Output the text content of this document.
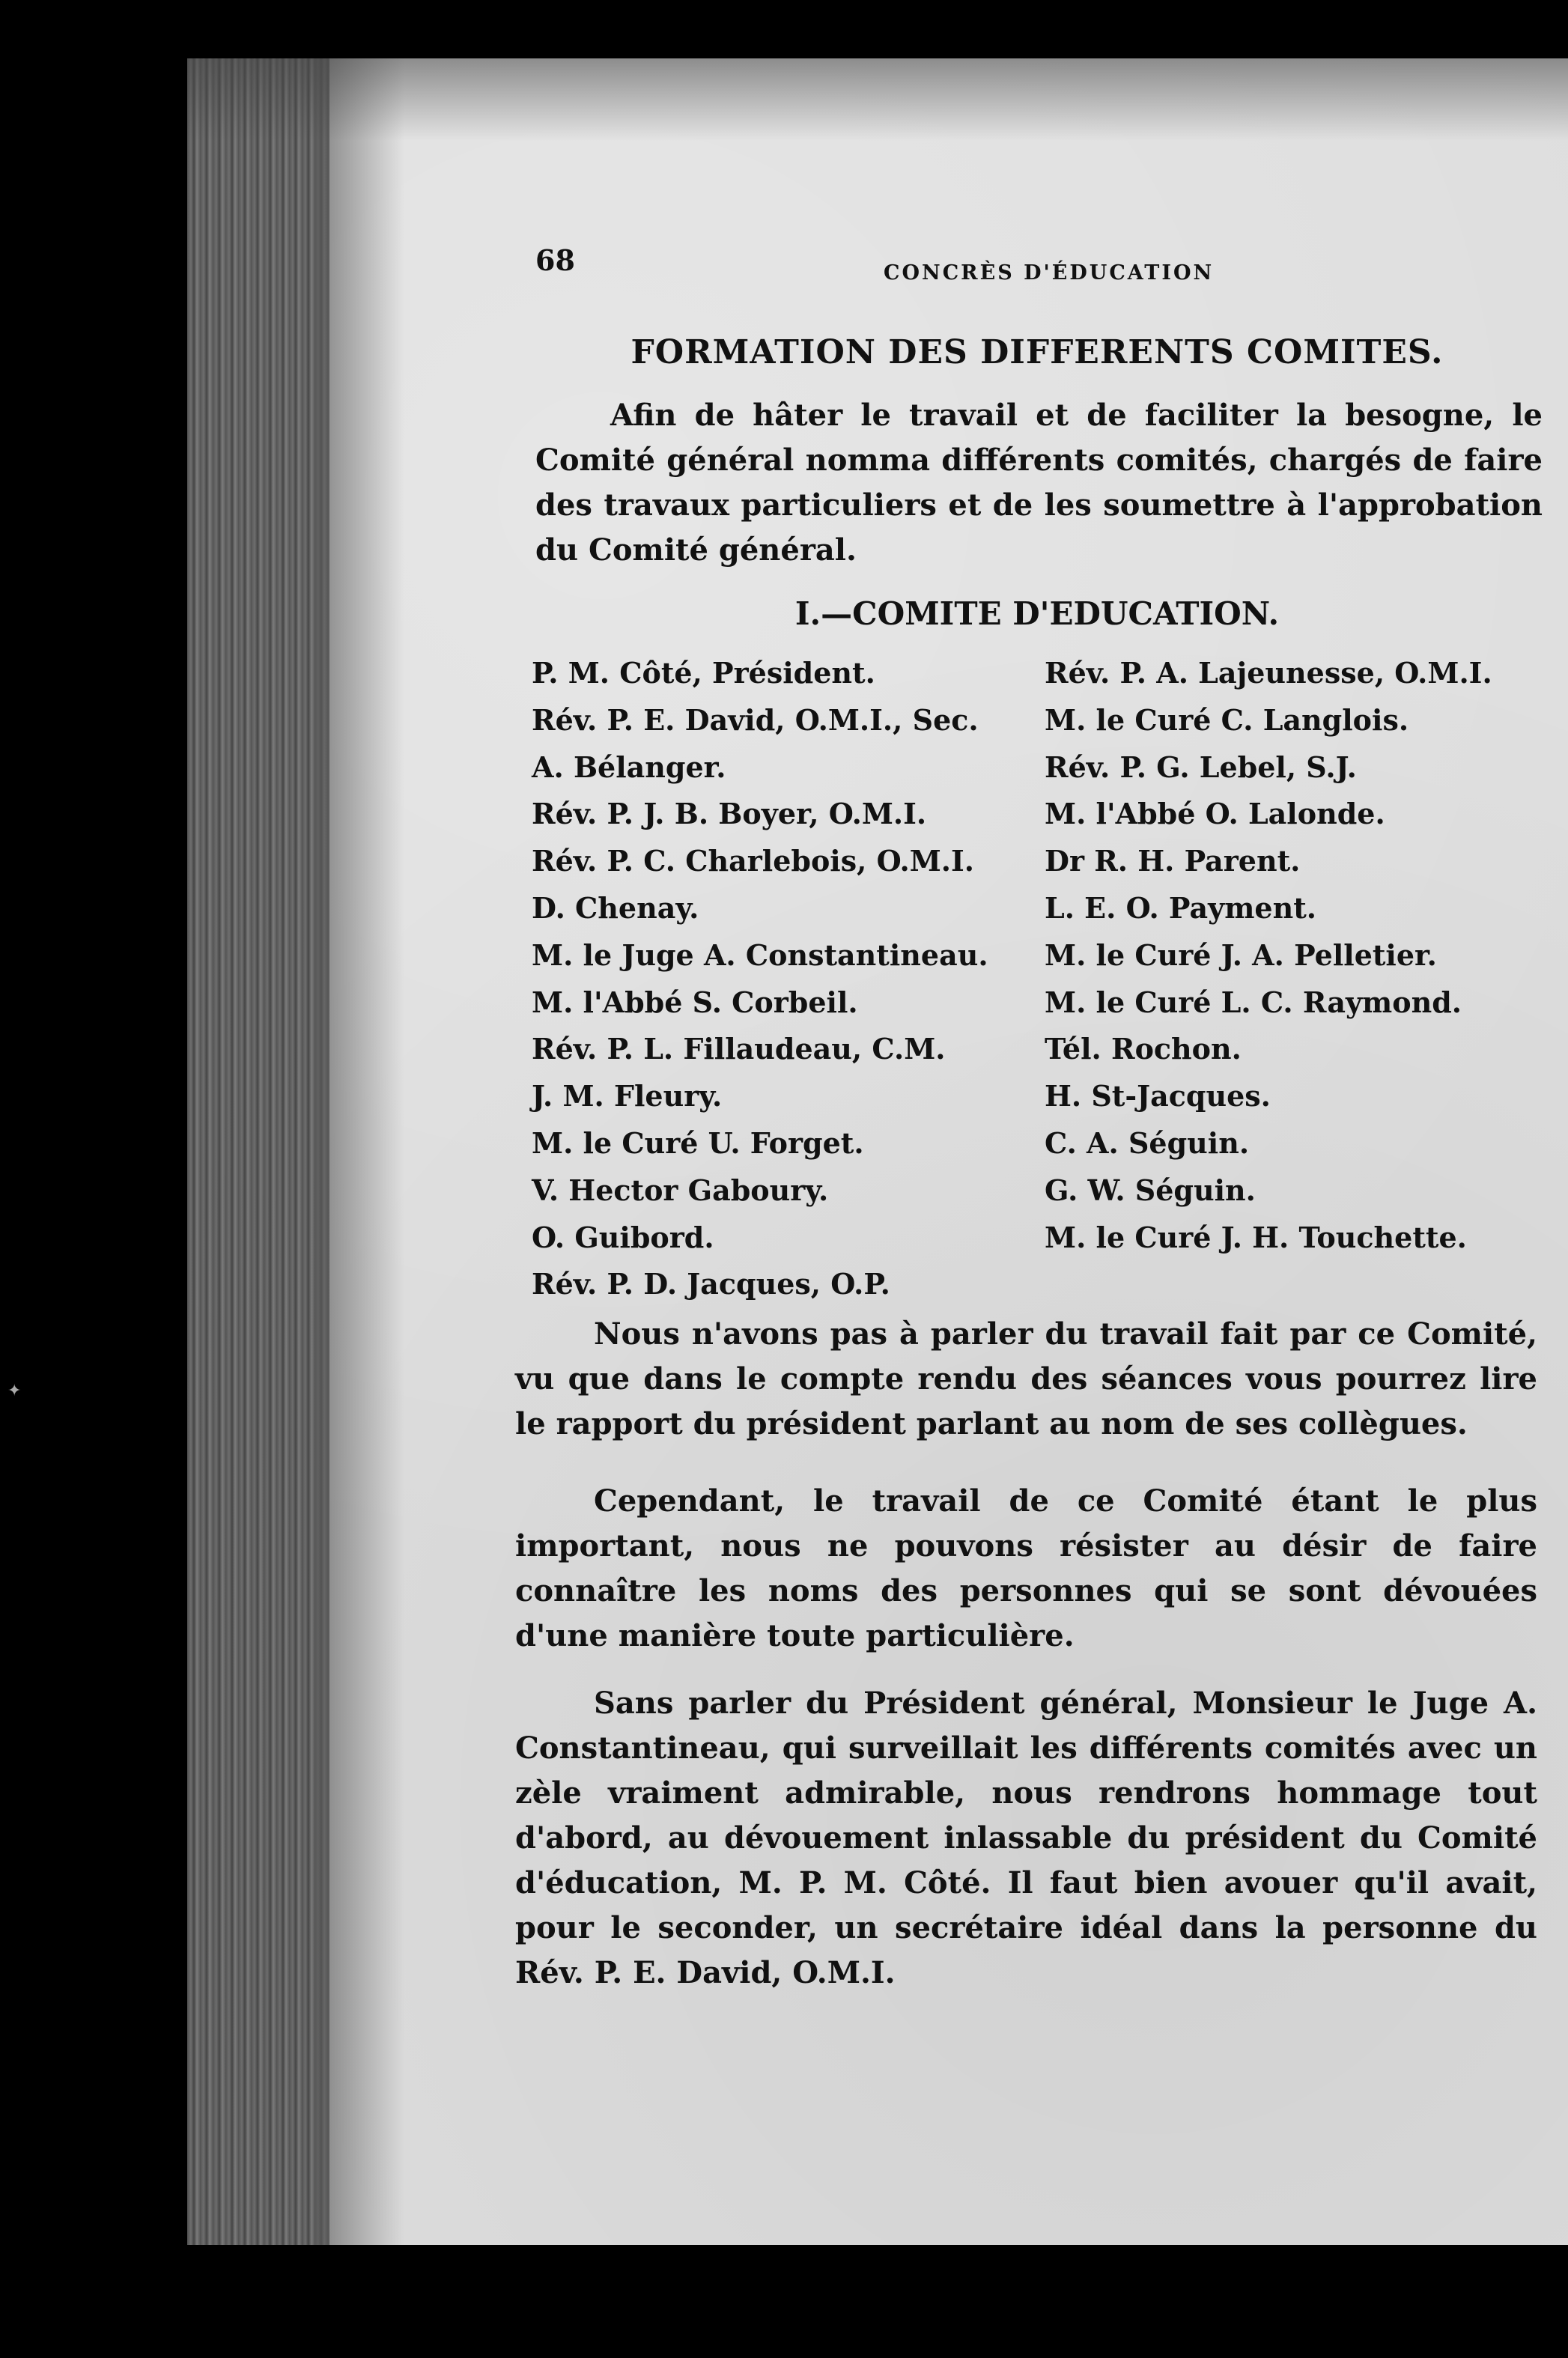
✦
68	CONCRÈS D'ÉDUCATION
FORMATION DES DIFFERENTS COMITES.

Afin de hâter le travail et de faciliter la besogne, le Comité général nomma différents comités, chargés de faire des travaux particuliers et de les soumettre à l'approbation du Comité général.

I.—COMITE D'EDUCATION.
P. M. Côté, Président.
Rév. P. E. David, O.M.I., Sec.
A. Bélanger.
Rév. P. J. B. Boyer, O.M.I.
Rév. P. C. Charlebois, O.M.I.
D. Chenay.
M. le Juge A. Constantineau.
M. l'Abbé S. Corbeil.
Rév. P. L. Fillaudeau, C.M.
J. M. Fleury.
M. le Curé U. Forget.
V. Hector Gaboury.
O. Guibord.
Rév. P. D. Jacques, O.P.
Rév. P. A. Lajeunesse, O.M.I.
M. le Curé C. Langlois.
Rév. P. G. Lebel, S.J.
M. l'Abbé O. Lalonde.
Dr R. H. Parent.
L. E. O. Payment.
M. le Curé J. A. Pelletier.
M. le Curé L. C. Raymond.
Tél. Rochon.
H. St-Jacques.
C. A. Séguin.
G. W. Séguin.
M. le Curé J. H. Touchette.

Nous n'avons pas à parler du travail fait par ce Comité, vu que dans le compte rendu des séances vous pourrez lire le rapport du président parlant au nom de ses collègues.

Cependant, le travail de ce Comité étant le plus important, nous ne pouvons résister au désir de faire connaître les noms des personnes qui se sont dévouées d'une manière toute particulière.

Sans parler du Président général, Monsieur le Juge A. Constantineau, qui surveillait les différents comités avec un zèle vraiment admirable, nous rendrons hommage tout d'abord, au dévouement inlassable du président du Comité d'éducation, M. P. M. Côté. Il faut bien avouer qu'il avait, pour le seconder, un secrétaire idéal dans la personne du Rév. P. E. David, O.M.I.
